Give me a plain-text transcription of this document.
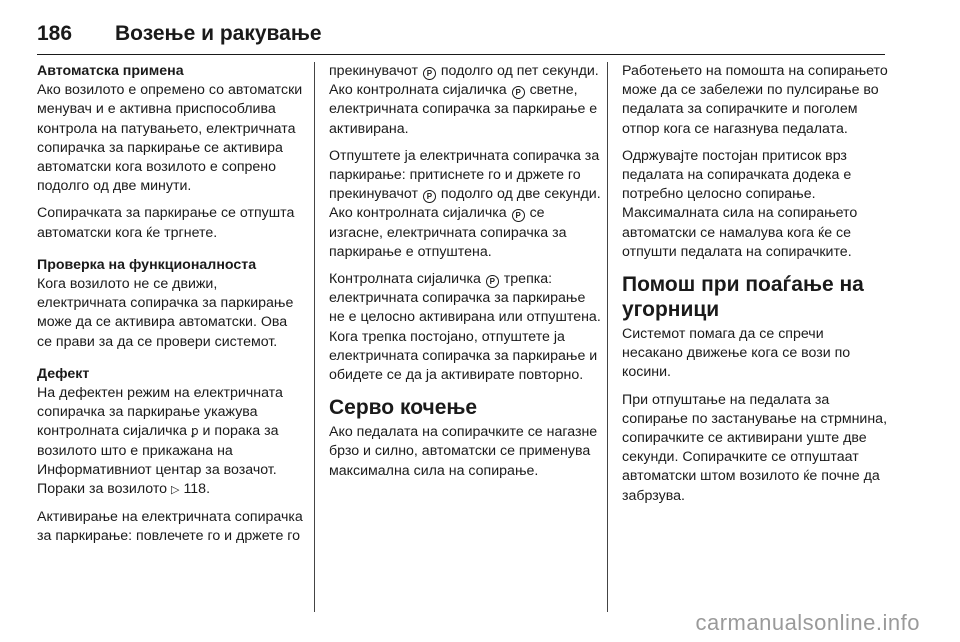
186	Возење и ракување

Автоматска примена

Ако возилото е опремено со автоматски менувач и е активна приспособлива контрола на патувањето, електричната сопирачка за паркирање се активира автоматски кога возилото е сопрено подолго од две минути.

Сопирачката за паркирање се отпушта автоматски кога ќе тргнете.

Проверка на функционалноста

Кога возилото не се движи, електричната сопирачка за паркирање може да се активира автоматски. Ова се прави за да се провери системот.

Дефект

На дефектен режим на електричната сопирачка за паркирање укажува контролната сијаличка ꝑ и порака за возилото што е прикажана на Информативниот центар за возачот. Пораки за возилото ▷ 118.

Активирање на електричната сопирачка за паркирање: повлечете го и држете го

прекинувачот P подолго од пет секунди. Ако контролната сијаличка P светне, електричната сопирачка за паркирање е активирана.

Отпуштете ја електричната сопирачка за паркирање: притиснете го и држете го прекинувачот P подолго од две секунди. Ако контролната сијаличка P се изгасне, електричната сопирачка за паркирање е отпуштена.

Контролната сијаличка P трепка: електричната сопирачка за паркирање не е целосно активирана или отпуштена. Кога трепка постојано, отпуштете ја електричната сопирачка за паркирање и обидете се да ја активирате повторно.

Серво кочење

Ако педалата на сопирачките се нагазне брзо и силно, автоматски се применува максимална сила на сопирање.

Работењето на помошта на сопирањето може да се забележи по пулсирање во педалата за сопирачките и поголем отпор кога се нагазнува педалата.

Одржувајте постојан притисок врз педалата на сопирачката додека е потребно целосно сопирање. Максималната сила на сопирањето автоматски се намалува кога ќе се отпушти педалата на сопирачките.

Помош при поаѓање на угорници

Системот помага да се спречи несакано движење кога се вози по косини.

При отпуштање на педалата за сопирање по застанување на стрмнина, сопирачките се активирани уште две секунди. Сопирачките се отпуштаат автоматски штом возилото ќе почне да забрзува.

carmanualsonline.info
